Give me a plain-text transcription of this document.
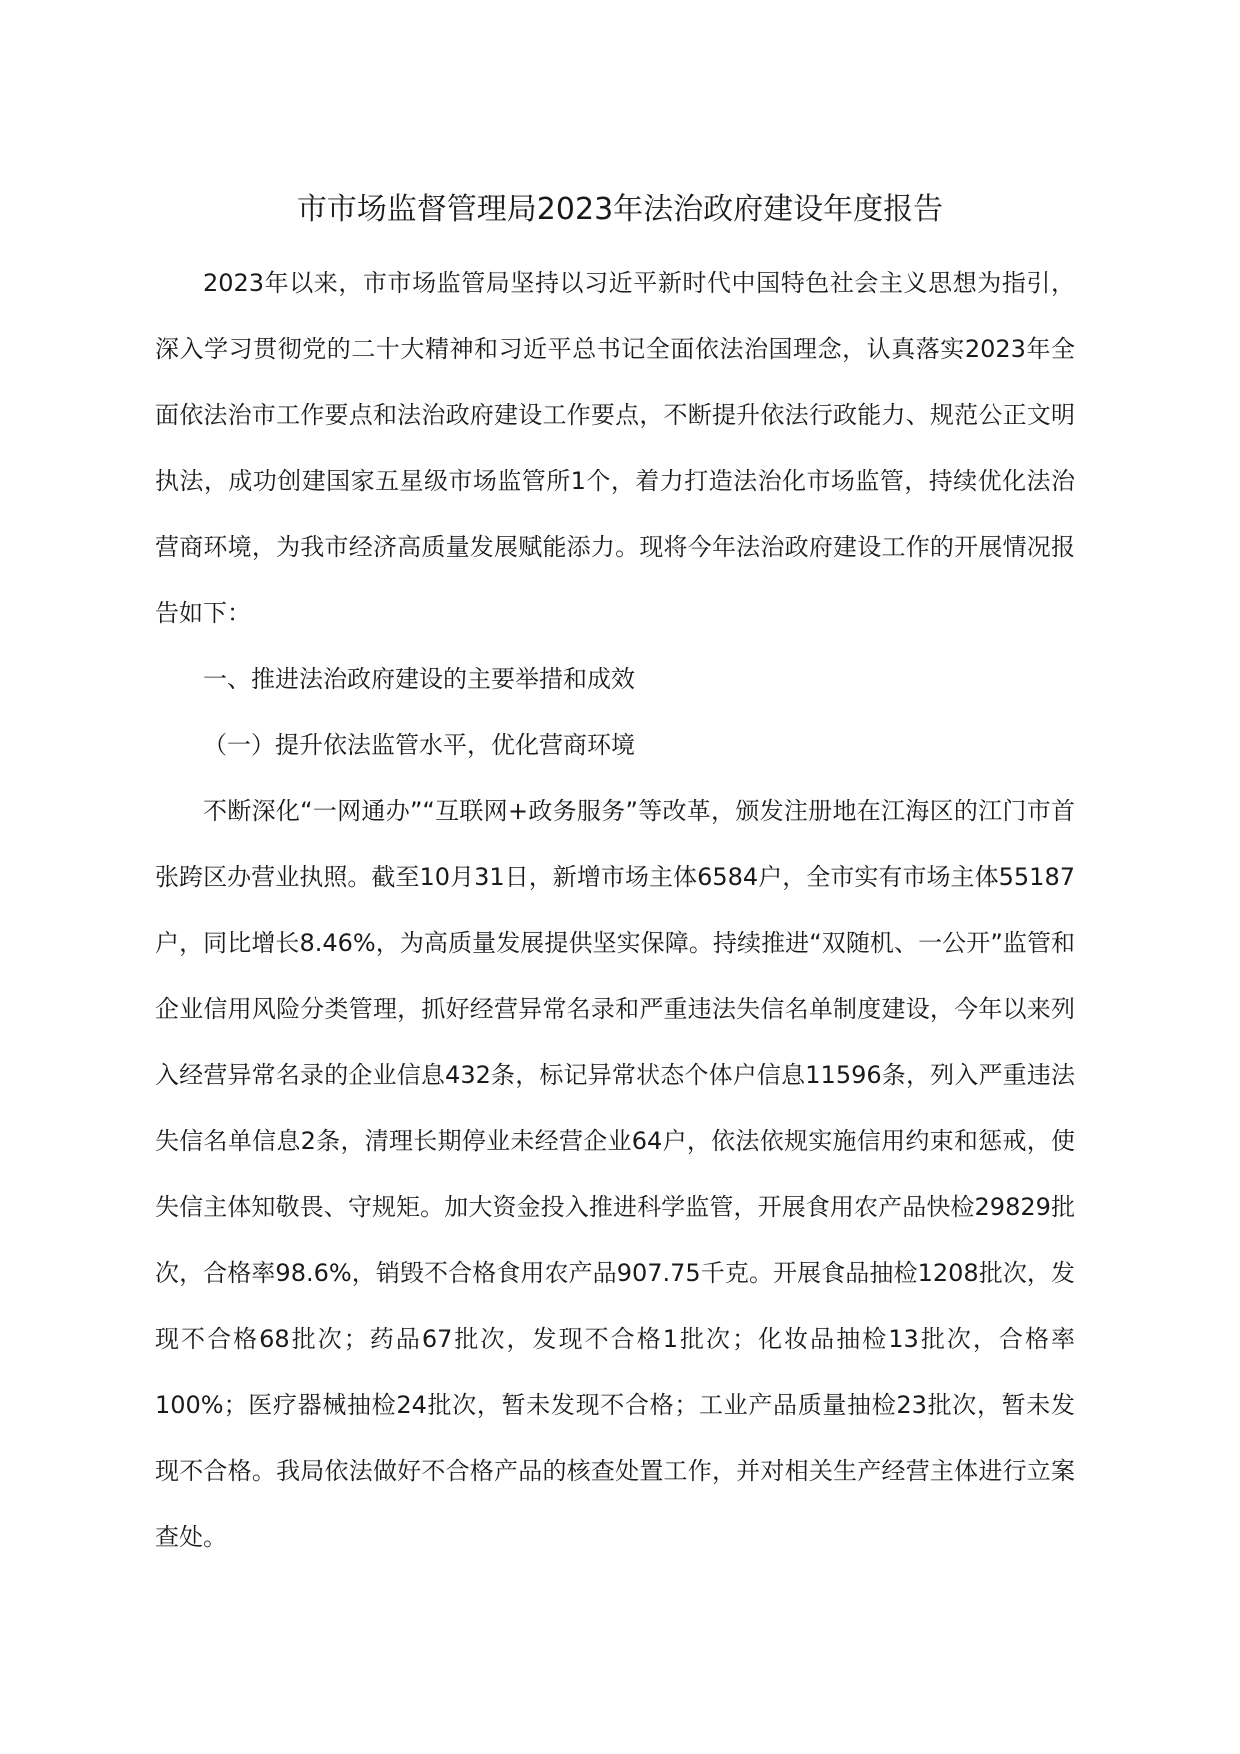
市市场监督管理局2023年法治政府建设年度报告

2023年以来，市市场监管局坚持以习近平新时代中国特色社会主义思想为指引，深入学习贯彻党的二十大精神和习近平总书记全面依法治国理念，认真落实2023年全面依法治市工作要点和法治政府建设工作要点，不断提升依法行政能力、规范公正文明执法，成功创建国家五星级市场监管所1个，着力打造法治化市场监管，持续优化法治营商环境，为我市经济高质量发展赋能添力。现将今年法治政府建设工作的开展情况报告如下：

一、推进法治政府建设的主要举措和成效

（一）提升依法监管水平，优化营商环境

不断深化“一网通办”“互联网+政务服务”等改革，颁发注册地在江海区的江门市首张跨区办营业执照。截至10月31日，新增市场主体6584户，全市实有市场主体55187户，同比增长8.46%，为高质量发展提供坚实保障。持续推进“双随机、一公开”监管和企业信用风险分类管理，抓好经营异常名录和严重违法失信名单制度建设，今年以来列入经营异常名录的企业信息432条，标记异常状态个体户信息11596条，列入严重违法失信名单信息2条，清理长期停业未经营企业64户，依法依规实施信用约束和惩戒，使失信主体知敬畏、守规矩。加大资金投入推进科学监管，开展食用农产品快检29829批次，合格率98.6%，销毁不合格食用农产品907.75千克。开展食品抽检1208批次，发现不合格68批次；药品67批次，发现不合格1批次；化妆品抽检13批次，合格率100%；医疗器械抽检24批次，暂未发现不合格；工业产品质量抽检23批次，暂未发现不合格。我局依法做好不合格产品的核查处置工作，并对相关生产经营主体进行立案查处。
